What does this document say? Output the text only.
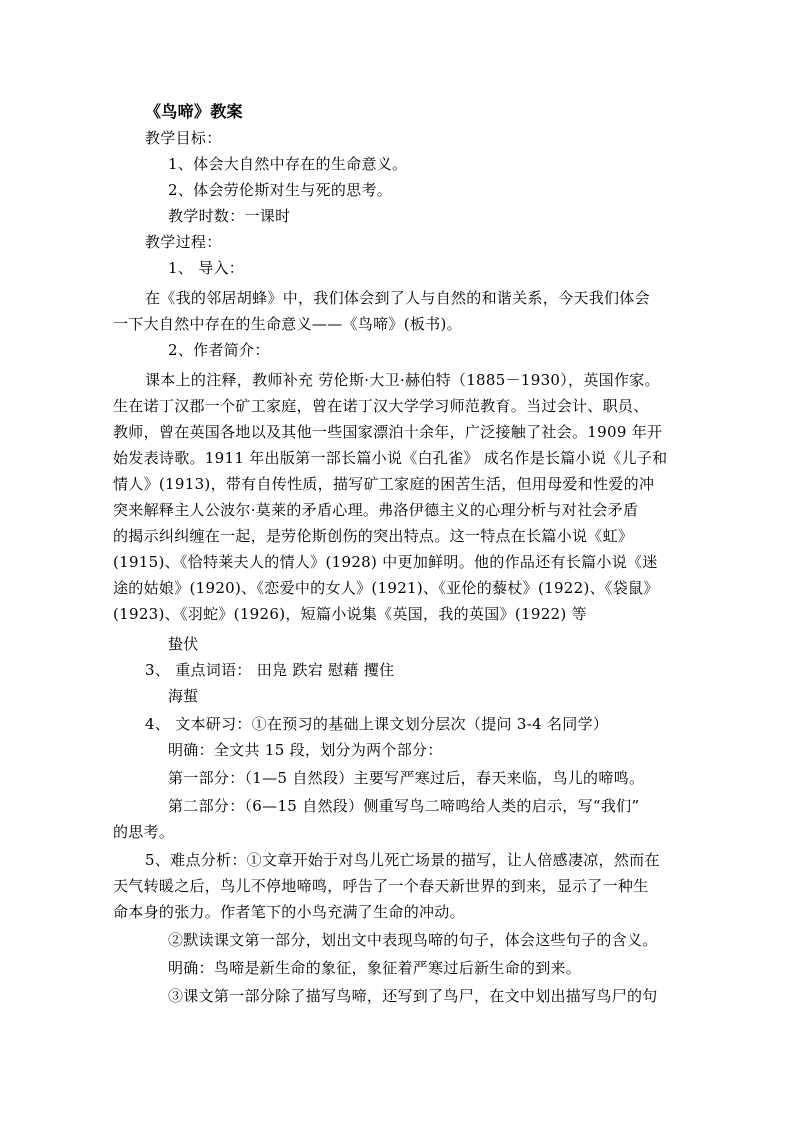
《鸟啼》教案
教学目标：
1、体会大自然中存在的生命意义。
2、体会劳伦斯对生与死的思考。
教学时数：一课时
教学过程：
1、 导入：
在《我的邻居胡蜂》中，我们体会到了人与自然的和谐关系，今天我们体会
一下大自然中存在的生命意义——《鸟啼》(板书)。
2、作者简介：
课本上的注释，教师补充 劳伦斯·大卫·赫伯特（1885－1930），英国作家。
生在诺丁汉郡一个矿工家庭，曾在诺丁汉大学学习师范教育。当过会计、职员、
教师，曾在英国各地以及其他一些国家漂泊十余年，广泛接触了社会。1909 年开
始发表诗歌。1911 年出版第一部长篇小说《白孔雀》 成名作是长篇小说《儿子和
情人》(1913)，带有自传性质，描写矿工家庭的困苦生活，但用母爱和性爱的冲
突来解释主人公波尔·莫莱的矛盾心理。弗洛伊德主义的心理分析与对社会矛盾
的揭示纠纠缠在一起，是劳伦斯创伤的突出特点。这一特点在长篇小说《虹》
(1915)、《恰特莱夫人的情人》(1928) 中更加鲜明。他的作品还有长篇小说《迷
途的姑娘》(1920)、《恋爱中的女人》(1921)、《亚伦的藜杖》(1922)、《袋鼠》
(1923)、《羽蛇》(1926)，短篇小说集《英国，我的英国》(1922) 等
蛰伏
3、 重点词语： 田凫 跌宕 慰藉 攫住
海蜇
4、 文本研习：①在预习的基础上课文划分层次（提问 3-4 名同学）
明确：全文共 15 段，划分为两个部分：
第一部分：（1—5 自然段）主要写严寒过后，春天来临，鸟儿的啼鸣。
第二部分：（6—15 自然段）侧重写鸟二啼鸣给人类的启示，写“我们”
的思考。
5、难点分析：①文章开始于对鸟儿死亡场景的描写，让人倍感凄凉，然而在
天气转暖之后，鸟儿不停地啼鸣，呼告了一个春天新世界的到来，显示了一种生
命本身的张力。作者笔下的小鸟充满了生命的冲动。
②默读课文第一部分，划出文中表现鸟啼的句子，体会这些句子的含义。
明确：鸟啼是新生命的象征，象征着严寒过后新生命的到来。
③课文第一部分除了描写鸟啼，还写到了鸟尸，在文中划出描写鸟尸的句
